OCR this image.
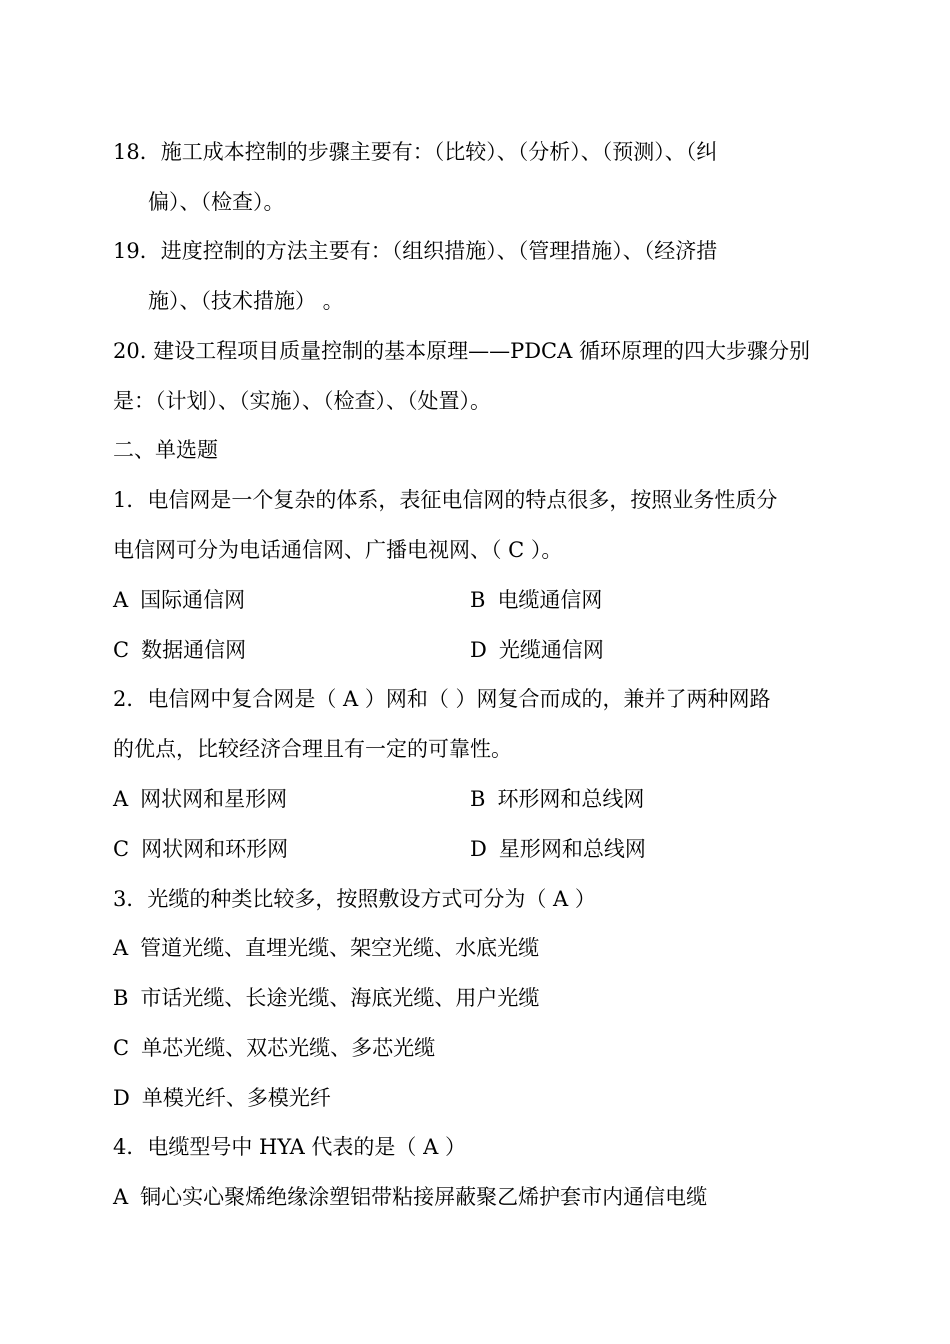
18．施工成本控制的步骤主要有：（比较）、（分析）、（预测）、（纠
偏）、（检查）。
19．进度控制的方法主要有：（组织措施）、（管理措施）、（经济措
施）、（技术措施） 。
20. 建设工程项目质量控制的基本原理——PDCA 循环原理的四大步骤分别
是：（计划）、（实施）、（检查）、（处置）。
二、单选题
1．电信网是一个复杂的体系，表征电信网的特点很多，按照业务性质分
电信网可分为电话通信网、广播电视网、（ C ）。
A 国际通信网	B 电缆通信网
C 数据通信网	D 光缆通信网
2．电信网中复合网是（ A ）网和（ ）网复合而成的，兼并了两种网路
的优点，比较经济合理且有一定的可靠性。
A 网状网和星形网	B 环形网和总线网
C 网状网和环形网	D 星形网和总线网
3．光缆的种类比较多，按照敷设方式可分为（ A ）
A 管道光缆、直埋光缆、架空光缆、水底光缆
B 市话光缆、长途光缆、海底光缆、用户光缆
C 单芯光缆、双芯光缆、多芯光缆
D 单模光纤、多模光纤
4．电缆型号中 HYA 代表的是（ A ）
A 铜心实心聚烯绝缘涂塑铝带粘接屏蔽聚乙烯护套市内通信电缆
